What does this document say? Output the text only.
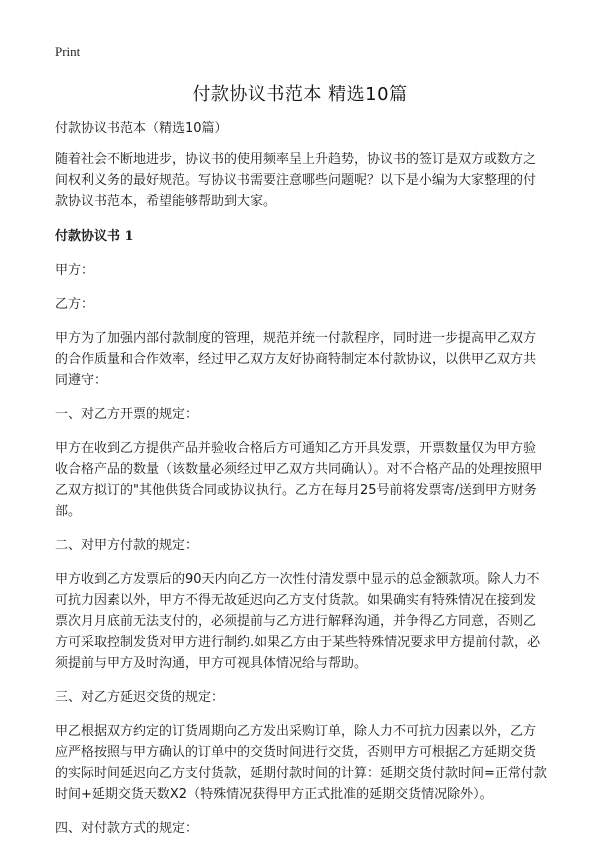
Print
付款协议书范本 精选10篇

付款协议书范本（精选10篇）

随着社会不断地进步，协议书的使用频率呈上升趋势，协议书的签订是双方或数方之间权利义务的最好规范。写协议书需要注意哪些问题呢？以下是小编为大家整理的付款协议书范本，希望能够帮助到大家。

付款协议书 1

甲方：

乙方：

甲方为了加强内部付款制度的管理，规范并统一付款程序，同时进一步提高甲乙双方的合作质量和合作效率，经过甲乙双方友好协商特制定本付款协议，以供甲乙双方共同遵守：

一、对乙方开票的规定：

甲方在收到乙方提供产品并验收合格后方可通知乙方开具发票，开票数量仅为甲方验收合格产品的数量（该数量必须经过甲乙双方共同确认）。对不合格产品的处理按照甲乙双方拟订的"其他供货合同或协议执行。乙方在每月25号前将发票寄/送到甲方财务部。

二、对甲方付款的规定：

甲方收到乙方发票后的90天内向乙方一次性付清发票中显示的总金额款项。除人力不可抗力因素以外，甲方不得无故延迟向乙方支付货款。如果确实有特殊情况在接到发票次月月底前无法支付的，必须提前与乙方进行解释沟通，并争得乙方同意，否则乙方可采取控制发货对甲方进行制约.如果乙方由于某些特殊情况要求甲方提前付款，必须提前与甲方及时沟通，甲方可视具体情况给与帮助。

三、对乙方延迟交货的规定：

甲乙根据双方约定的订货周期向乙方发出采购订单，除人力不可抗力因素以外，乙方应严格按照与甲方确认的订单中的交货时间进行交货，否则甲方可根据乙方延期交货的实际时间延迟向乙方支付货款，延期付款时间的计算：延期交货付款时间=正常付款时间+延期交货天数X2（特殊情况获得甲方正式批准的延期交货情况除外）。

四、对付款方式的规定：
